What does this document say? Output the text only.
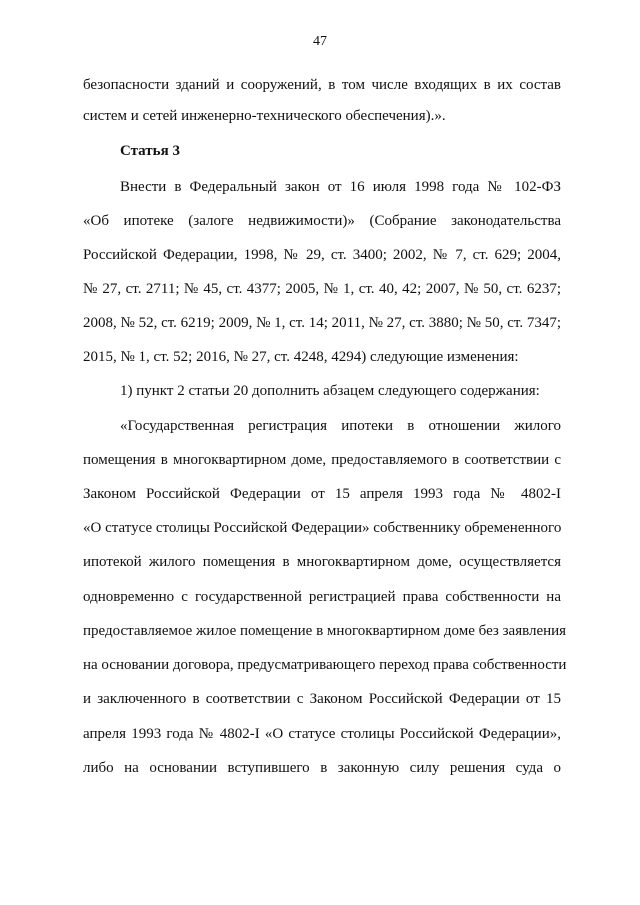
47
безопасности зданий и сооружений, в том числе входящих в их состав
систем и сетей инженерно-технического обеспечения).».
Статья 3
Внести в Федеральный закон от 16 июля 1998 года № 102-ФЗ
«Об ипотеке (залоге недвижимости)» (Собрание законодательства
Российской Федерации, 1998, № 29, ст. 3400; 2002, № 7, ст. 629; 2004,
№ 27, ст. 2711; № 45, ст. 4377; 2005, № 1, ст. 40, 42; 2007, № 50, ст. 6237;
2008, № 52, ст. 6219; 2009, № 1, ст. 14; 2011, № 27, ст. 3880; № 50, ст. 7347;
2015, № 1, ст. 52; 2016, № 27, ст. 4248, 4294) следующие изменения:
1) пункт 2 статьи 20 дополнить абзацем следующего содержания:
«Государственная регистрация ипотеки в отношении жилого
помещения в многоквартирном доме, предоставляемого в соответствии с
Законом Российской Федерации от 15 апреля 1993 года № 4802-I
«О статусе столицы Российской Федерации» собственнику обремененного
ипотекой жилого помещения в многоквартирном доме, осуществляется
одновременно с государственной регистрацией права собственности на
предоставляемое жилое помещение в многоквартирном доме без заявления
на основании договора, предусматривающего переход права собственности
и заключенного в соответствии с Законом Российской Федерации от 15
апреля 1993 года № 4802-I «О статусе столицы Российской Федерации»,
либо на основании вступившего в законную силу решения суда о
